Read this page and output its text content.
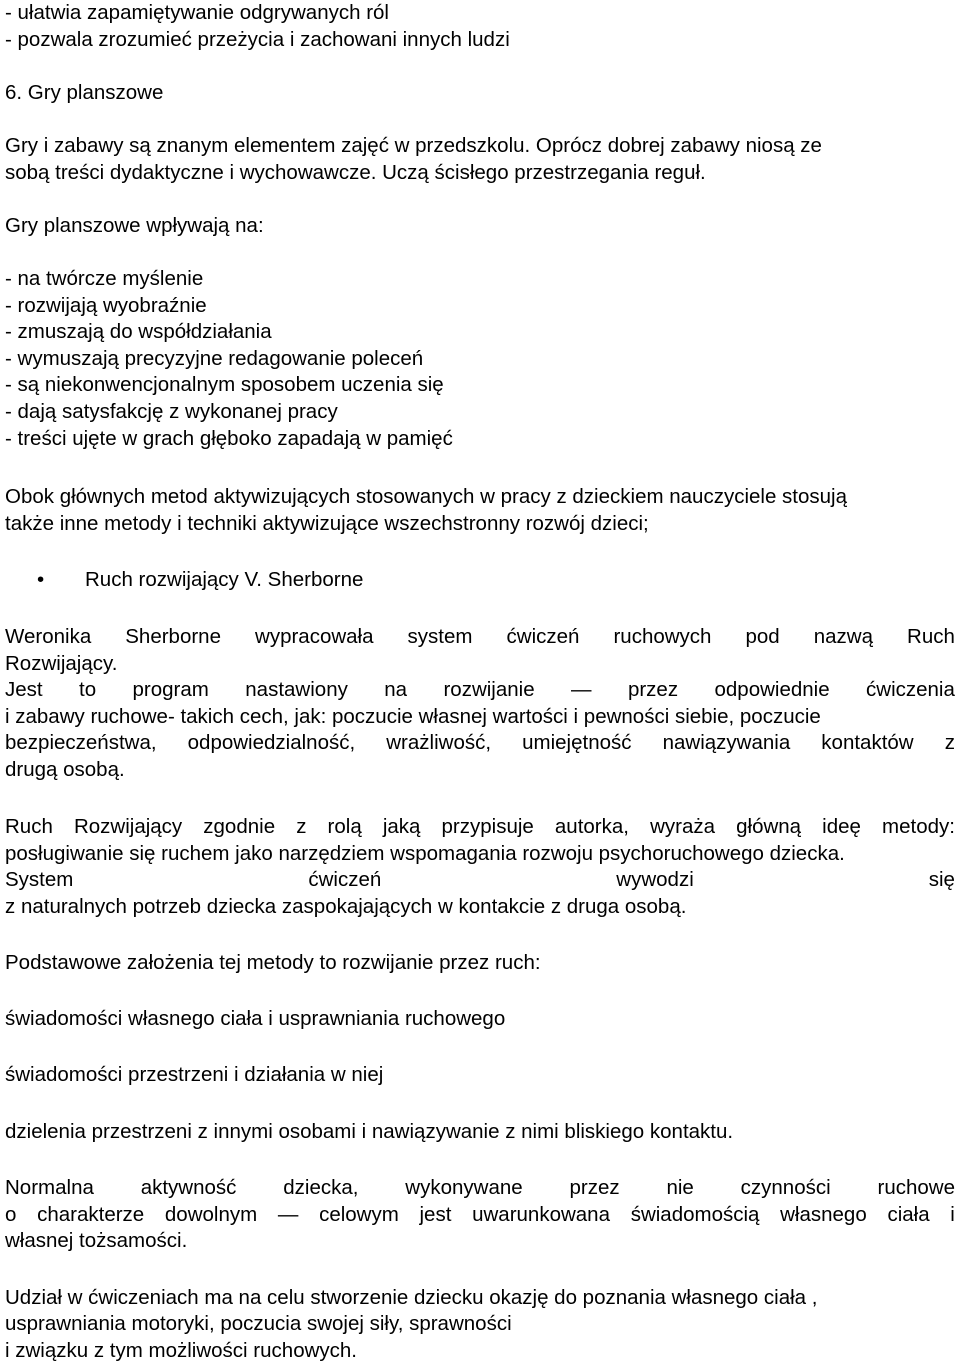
- ułatwia zapamiętywanie odgrywanych ról
- pozwala zrozumieć przeżycia i zachowani innych ludzi
6. Gry planszowe
Gry i zabawy są znanym elementem zajęć w przedszkolu. Oprócz dobrej zabawy niosą ze
sobą treści dydaktyczne i wychowawcze. Uczą ścisłego przestrzegania reguł.
Gry planszowe wpływają na:
- na twórcze myślenie
- rozwijają wyobraźnie
- zmuszają do współdziałania
- wymuszają precyzyjne redagowanie poleceń
- są niekonwencjonalnym sposobem uczenia się
- dają satysfakcję z wykonanej pracy
- treści ujęte w grach głęboko zapadają w pamięć
Obok głównych metod aktywizujących stosowanych w pracy z dzieckiem nauczyciele stosują
także inne metody i techniki aktywizujące wszechstronny rozwój dzieci;
• Ruch rozwijający V. Sherborne
Weronika Sherborne wypracowała system ćwiczeń ruchowych pod nazwą Ruch
Rozwijający.
Jest to program nastawiony na rozwijanie — przez odpowiednie ćwiczenia
i zabawy ruchowe- takich cech, jak: poczucie własnej wartości i pewności siebie, poczucie
bezpieczeństwa, odpowiedzialność, wrażliwość, umiejętność nawiązywania kontaktów z
drugą osobą.
Ruch Rozwijający zgodnie z rolą jaką przypisuje autorka, wyraża główną ideę metody:
posługiwanie się ruchem jako narzędziem wspomagania rozwoju psychoruchowego dziecka.
System	ćwiczeń	wywodzi	się
z naturalnych potrzeb dziecka zaspokajających w kontakcie z druga osobą.
Podstawowe założenia tej metody to rozwijanie przez ruch:
świadomości własnego ciała i usprawniania ruchowego
świadomości przestrzeni i działania w niej
dzielenia przestrzeni z innymi osobami i nawiązywanie z nimi bliskiego kontaktu.
Normalna aktywność dziecka, wykonywane przez nie czynności ruchowe
o charakterze dowolnym — celowym jest uwarunkowana świadomością własnego ciała i
własnej tożsamości.
Udział w ćwiczeniach ma na celu stworzenie dziecku okazję do poznania własnego ciała ,
usprawniania motoryki, poczucia swojej siły, sprawności
i związku z tym możliwości ruchowych.
